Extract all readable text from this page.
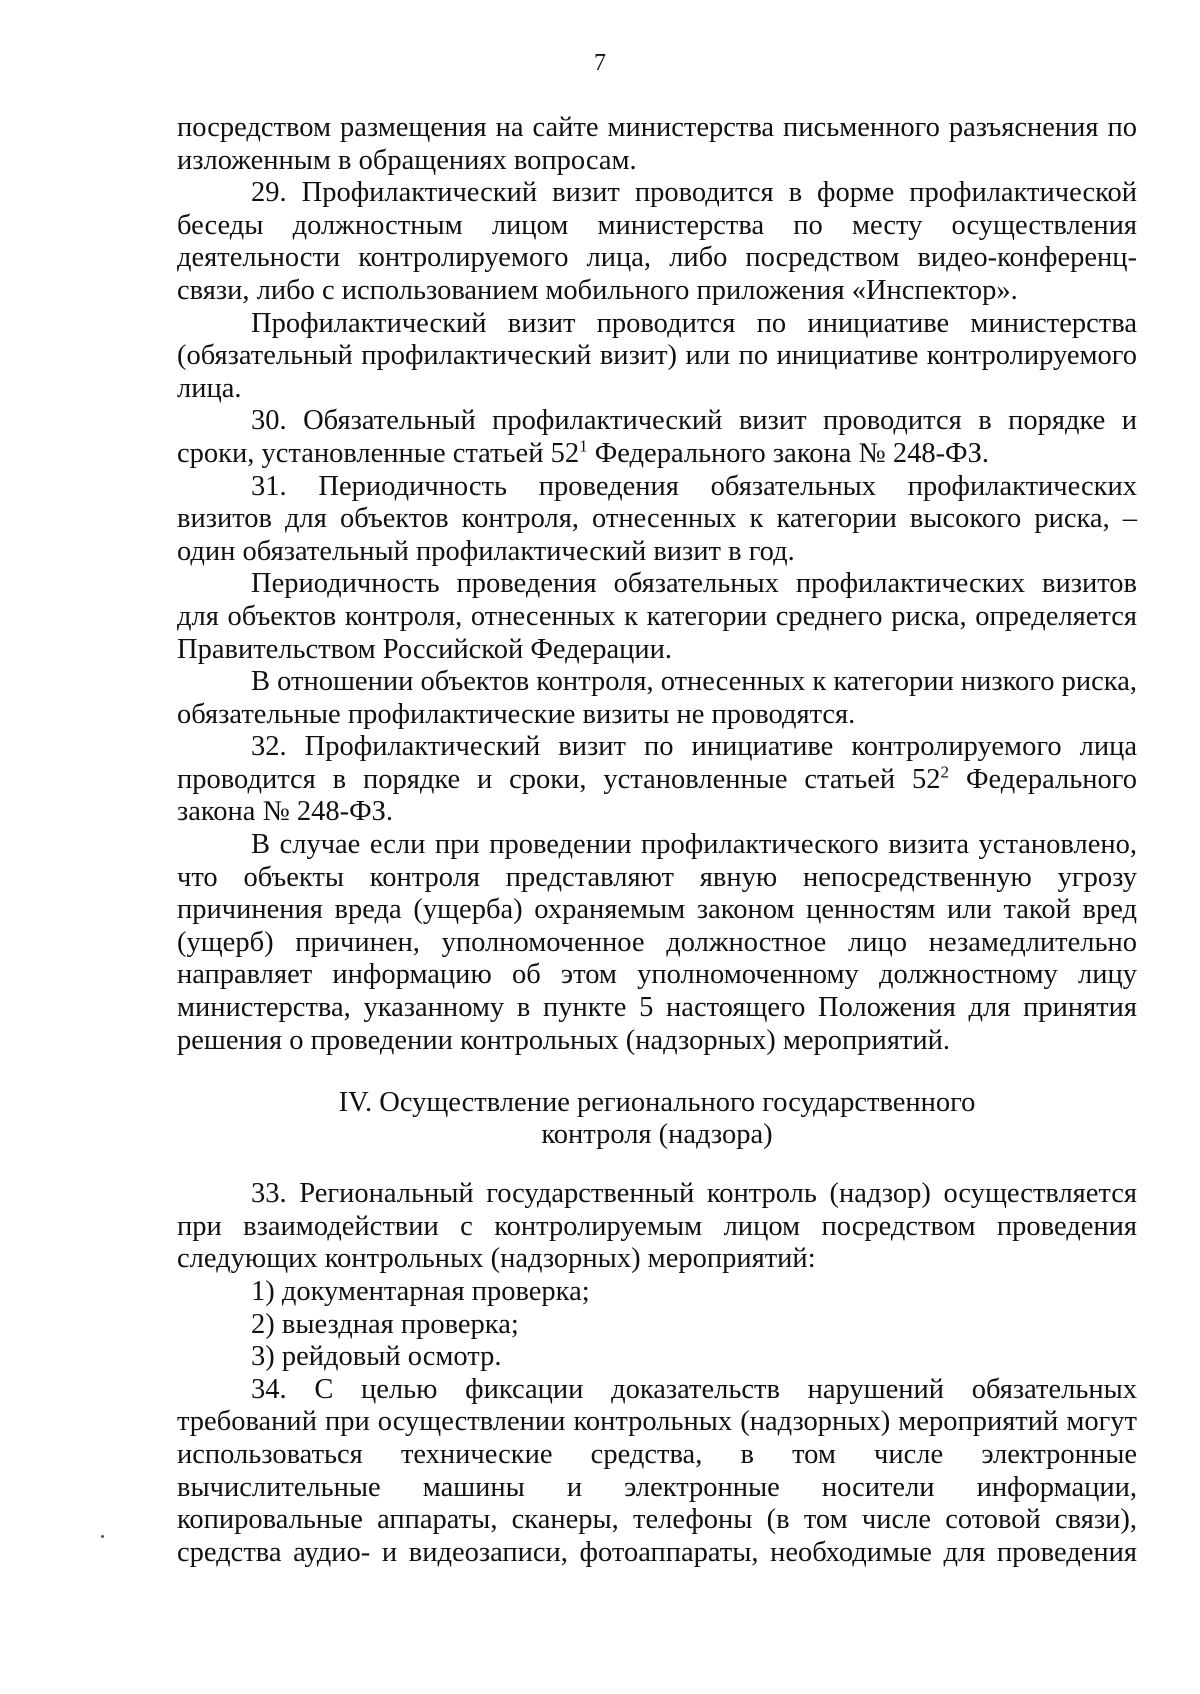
7

посредством размещения на сайте министерства письменного разъяснения по изложенным в обращениях вопросам.

29. Профилактический визит проводится в форме профилактической беседы должностным лицом министерства по месту осуществления деятельности контролируемого лица, либо посредством видео-конференц-связи, либо с использованием мобильного приложения «Инспектор».

Профилактический визит проводится по инициативе министерства (обязательный профилактический визит) или по инициативе контролируемого лица.

30. Обязательный профилактический визит проводится в порядке и сроки, установленные статьей $52^1$ Федерального закона № 248-ФЗ.

31. Периодичность проведения обязательных профилактических визитов для объектов контроля, отнесенных к категории высокого риска, – один обязательный профилактический визит в год.

Периодичность проведения обязательных профилактических визитов для объектов контроля, отнесенных к категории среднего риска, определяется Правительством Российской Федерации.

В отношении объектов контроля, отнесенных к категории низкого риска, обязательные профилактические визиты не проводятся.

32. Профилактический визит по инициативе контролируемого лица проводится в порядке и сроки, установленные статьей $52^2$ Федерального закона № 248-ФЗ.

В случае если при проведении профилактического визита установлено, что объекты контроля представляют явную непосредственную угрозу причинения вреда (ущерба) охраняемым законом ценностям или такой вред (ущерб) причинен, уполномоченное должностное лицо незамедлительно направляет информацию об этом уполномоченному должностному лицу министерства, указанному в пункте 5 настоящего Положения для принятия решения о проведении контрольных (надзорных) мероприятий.

IV. Осуществление регионального государственного
контроля (надзора)

33. Региональный государственный контроль (надзор) осуществляется при взаимодействии с контролируемым лицом посредством проведения следующих контрольных (надзорных) мероприятий:

1) документарная проверка;

2) выездная проверка;

3) рейдовый осмотр.

34. С целью фиксации доказательств нарушений обязательных требований при осуществлении контрольных (надзорных) мероприятий могут использоваться технические средства, в том числе электронные вычислительные машины и электронные носители информации, копировальные аппараты, сканеры, телефоны (в том числе сотовой связи), средства аудио- и видеозаписи, фотоаппараты, необходимые для проведения
